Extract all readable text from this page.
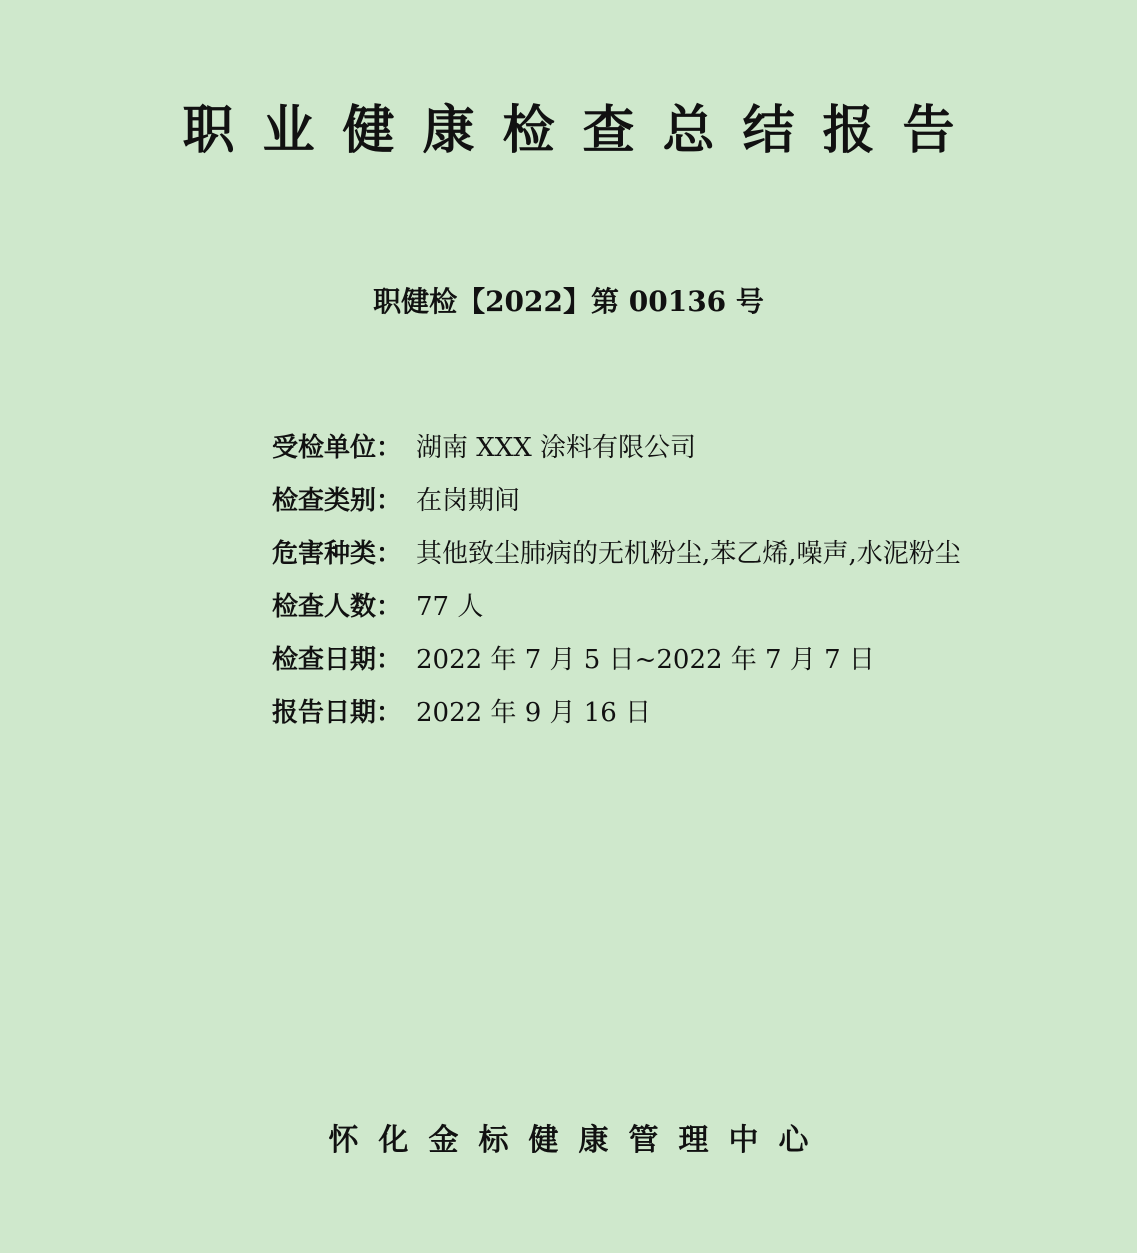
职业健康检查总结报告
职健检【2022】第 00136 号
受检单位： 湖南 XXX 涂料有限公司
检查类别： 在岗期间
危害种类： 其他致尘肺病的无机粉尘,苯乙烯,噪声,水泥粉尘
检查人数： 77 人
检查日期： 2022 年 7 月 5 日~2022 年 7 月 7 日
报告日期： 2022 年 9 月 16 日
怀化金标健康管理中心
